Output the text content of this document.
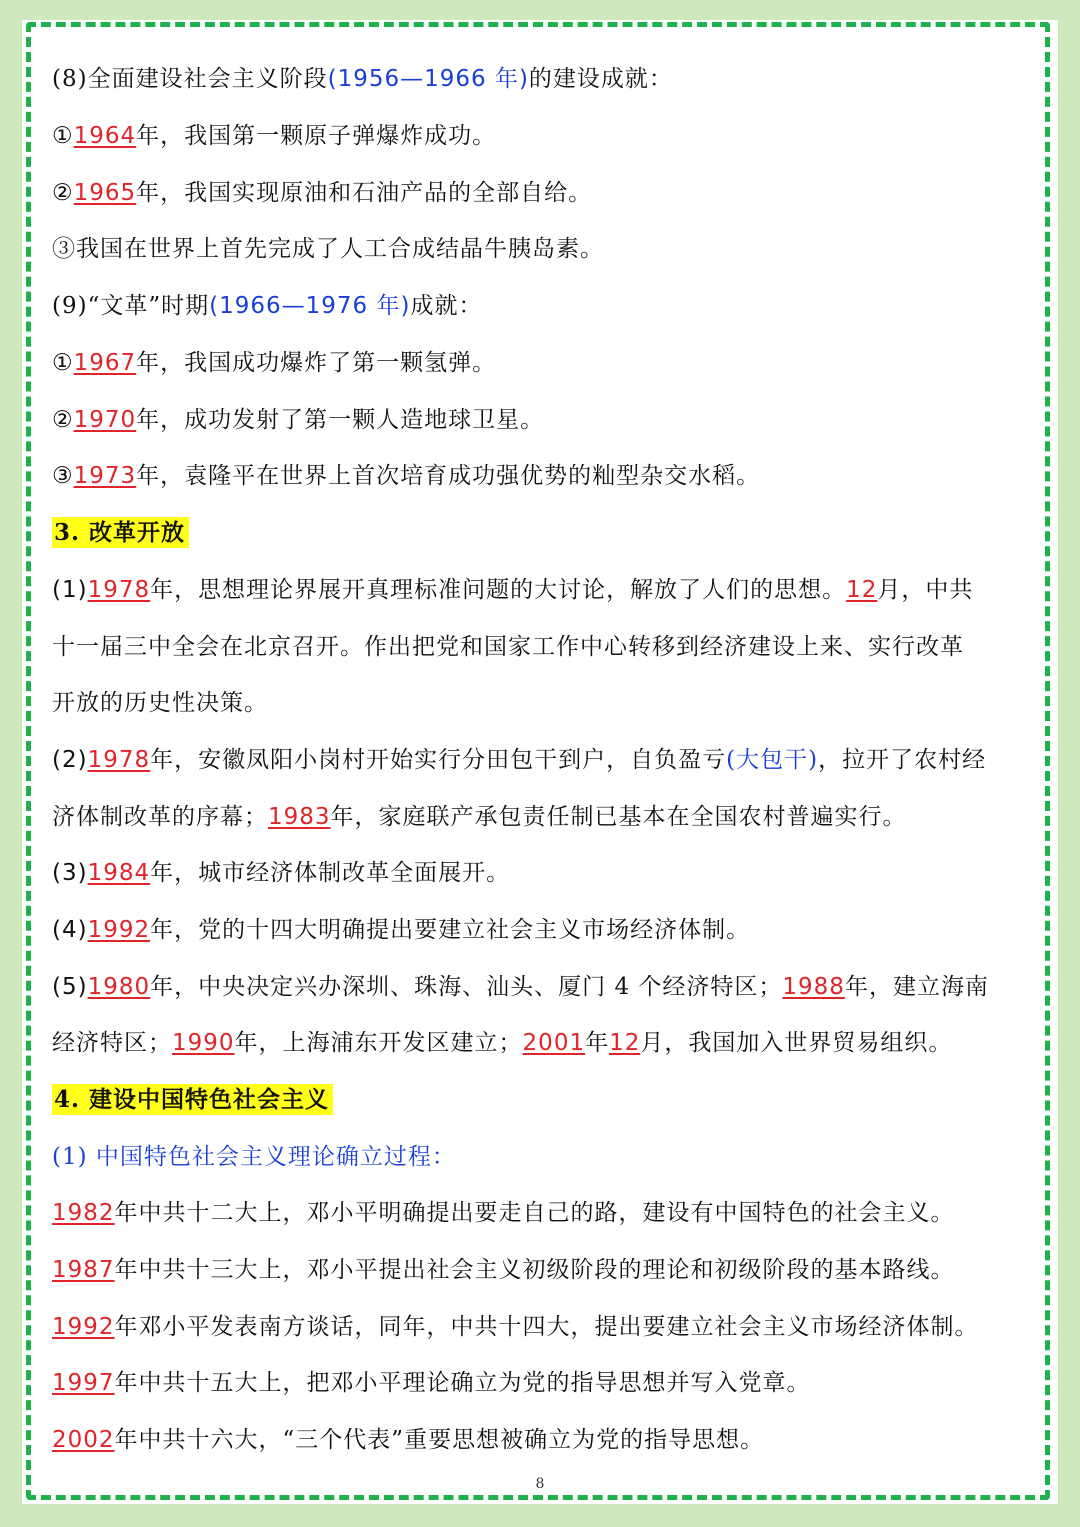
(8)全面建设社会主义阶段(1956—1966 年)的建设成就：
①1964年，我国第一颗原子弹爆炸成功。
②1965年，我国实现原油和石油产品的全部自给。
③我国在世界上首先完成了人工合成结晶牛胰岛素。
(9)“文革”时期(1966—1976 年)成就：
①1967年，我国成功爆炸了第一颗氢弹。
②1970年，成功发射了第一颗人造地球卫星。
③1973年，袁隆平在世界上首次培育成功强优势的籼型杂交水稻。
3. 改革开放
(1)1978年，思想理论界展开真理标准问题的大讨论，解放了人们的思想。12月，中共
十一届三中全会在北京召开。作出把党和国家工作中心转移到经济建设上来、实行改革
开放的历史性决策。
(2)1978年，安徽凤阳小岗村开始实行分田包干到户，自负盈亏(大包干)，拉开了农村经
济体制改革的序幕；1983年，家庭联产承包责任制已基本在全国农村普遍实行。
(3)1984年，城市经济体制改革全面展开。
(4)1992年，党的十四大明确提出要建立社会主义市场经济体制。
(5)1980年，中央决定兴办深圳、珠海、汕头、厦门 4 个经济特区；1988年，建立海南
经济特区；1990年，上海浦东开发区建立；2001年12月，我国加入世界贸易组织。
4. 建设中国特色社会主义
(1) 中国特色社会主义理论确立过程：
1982年中共十二大上，邓小平明确提出要走自己的路，建设有中国特色的社会主义。
1987年中共十三大上，邓小平提出社会主义初级阶段的理论和初级阶段的基本路线。
1992年邓小平发表南方谈话，同年，中共十四大，提出要建立社会主义市场经济体制。
1997年中共十五大上，把邓小平理论确立为党的指导思想并写入党章。
2002年中共十六大，“三个代表”重要思想被确立为党的指导思想。
8
